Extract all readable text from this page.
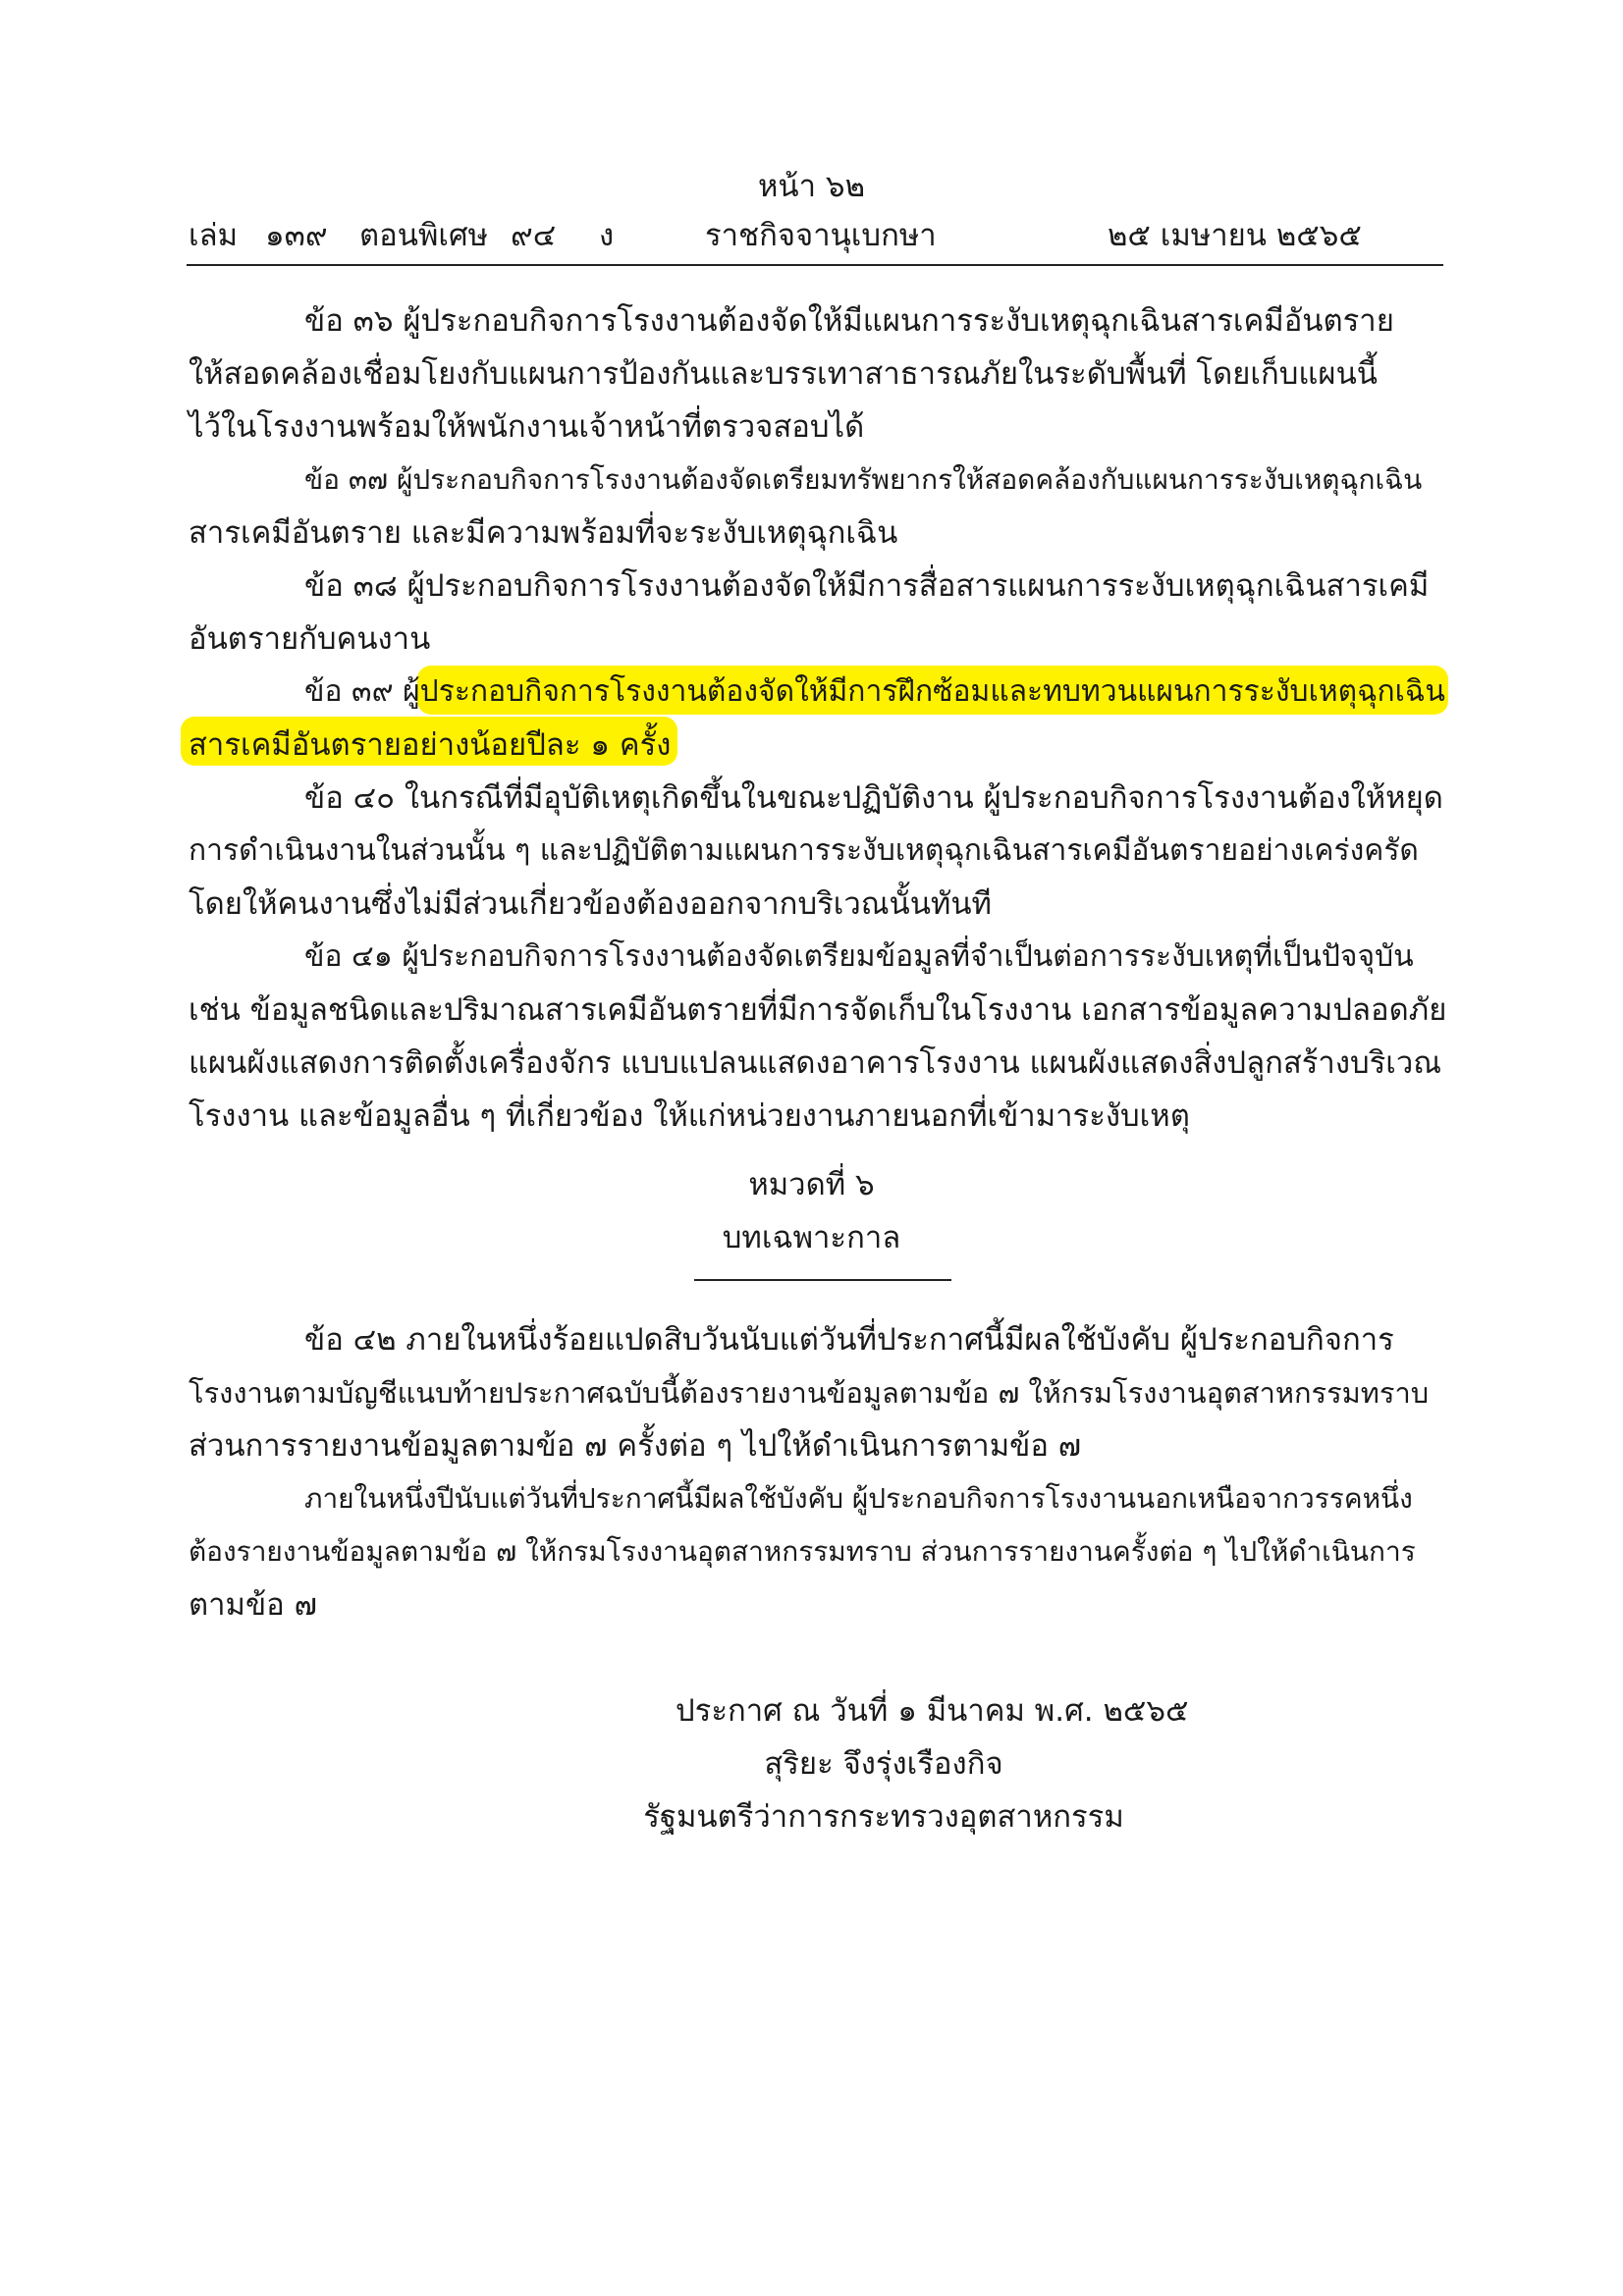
หน้า ๖๒
เล่ม ๑๓๙ ตอนพิเศษ ๙๔ ง	ราชกิจจานุเบกษา	๒๕ เมษายน ๒๕๖๕
ข้อ ๓๖ ผู้ประกอบกิจการโรงงานต้องจัดให้มีแผนการระงับเหตุฉุกเฉินสารเคมีอันตราย
ให้สอดคล้องเชื่อมโยงกับแผนการป้องกันและบรรเทาสาธารณภัยในระดับพื้นที่ โดยเก็บแผนนี้
ไว้ในโรงงานพร้อมให้พนักงานเจ้าหน้าที่ตรวจสอบได้
ข้อ ๓๗ ผู้ประกอบกิจการโรงงานต้องจัดเตรียมทรัพยากรให้สอดคล้องกับแผนการระงับเหตุฉุกเฉิน
สารเคมีอันตราย และมีความพร้อมที่จะระงับเหตุฉุกเฉิน
ข้อ ๓๘ ผู้ประกอบกิจการโรงงานต้องจัดให้มีการสื่อสารแผนการระงับเหตุฉุกเฉินสารเคมี
อันตรายกับคนงาน
ข้อ ๓๙ ผู้ประกอบกิจการโรงงานต้องจัดให้มีการฝึกซ้อมและทบทวนแผนการระงับเหตุฉุกเฉิน
สารเคมีอันตรายอย่างน้อยปีละ ๑ ครั้ง
ข้อ ๔๐ ในกรณีที่มีอุบัติเหตุเกิดขึ้นในขณะปฏิบัติงาน ผู้ประกอบกิจการโรงงานต้องให้หยุด
การดำเนินงานในส่วนนั้น ๆ และปฏิบัติตามแผนการระงับเหตุฉุกเฉินสารเคมีอันตรายอย่างเคร่งครัด
โดยให้คนงานซึ่งไม่มีส่วนเกี่ยวข้องต้องออกจากบริเวณนั้นทันที
ข้อ ๔๑ ผู้ประกอบกิจการโรงงานต้องจัดเตรียมข้อมูลที่จำเป็นต่อการระงับเหตุที่เป็นปัจจุบัน
เช่น ข้อมูลชนิดและปริมาณสารเคมีอันตรายที่มีการจัดเก็บในโรงงาน เอกสารข้อมูลความปลอดภัย
แผนผังแสดงการติดตั้งเครื่องจักร แบบแปลนแสดงอาคารโรงงาน แผนผังแสดงสิ่งปลูกสร้างบริเวณ
โรงงาน และข้อมูลอื่น ๆ ที่เกี่ยวข้อง ให้แก่หน่วยงานภายนอกที่เข้ามาระงับเหตุ
หมวดที่ ๖
บทเฉพาะกาล
ข้อ ๔๒ ภายในหนึ่งร้อยแปดสิบวันนับแต่วันที่ประกาศนี้มีผลใช้บังคับ ผู้ประกอบกิจการ
โรงงานตามบัญชีแนบท้ายประกาศฉบับนี้ต้องรายงานข้อมูลตามข้อ ๗ ให้กรมโรงงานอุตสาหกรรมทราบ
ส่วนการรายงานข้อมูลตามข้อ ๗ ครั้งต่อ ๆ ไปให้ดำเนินการตามข้อ ๗
ภายในหนึ่งปีนับแต่วันที่ประกาศนี้มีผลใช้บังคับ ผู้ประกอบกิจการโรงงานนอกเหนือจากวรรคหนึ่ง
ต้องรายงานข้อมูลตามข้อ ๗ ให้กรมโรงงานอุตสาหกรรมทราบ ส่วนการรายงานครั้งต่อ ๆ ไปให้ดำเนินการ
ตามข้อ ๗
ประกาศ ณ วันที่ ๑ มีนาคม พ.ศ. ๒๕๖๕
สุริยะ จึงรุ่งเรืองกิจ
รัฐมนตรีว่าการกระทรวงอุตสาหกรรม
